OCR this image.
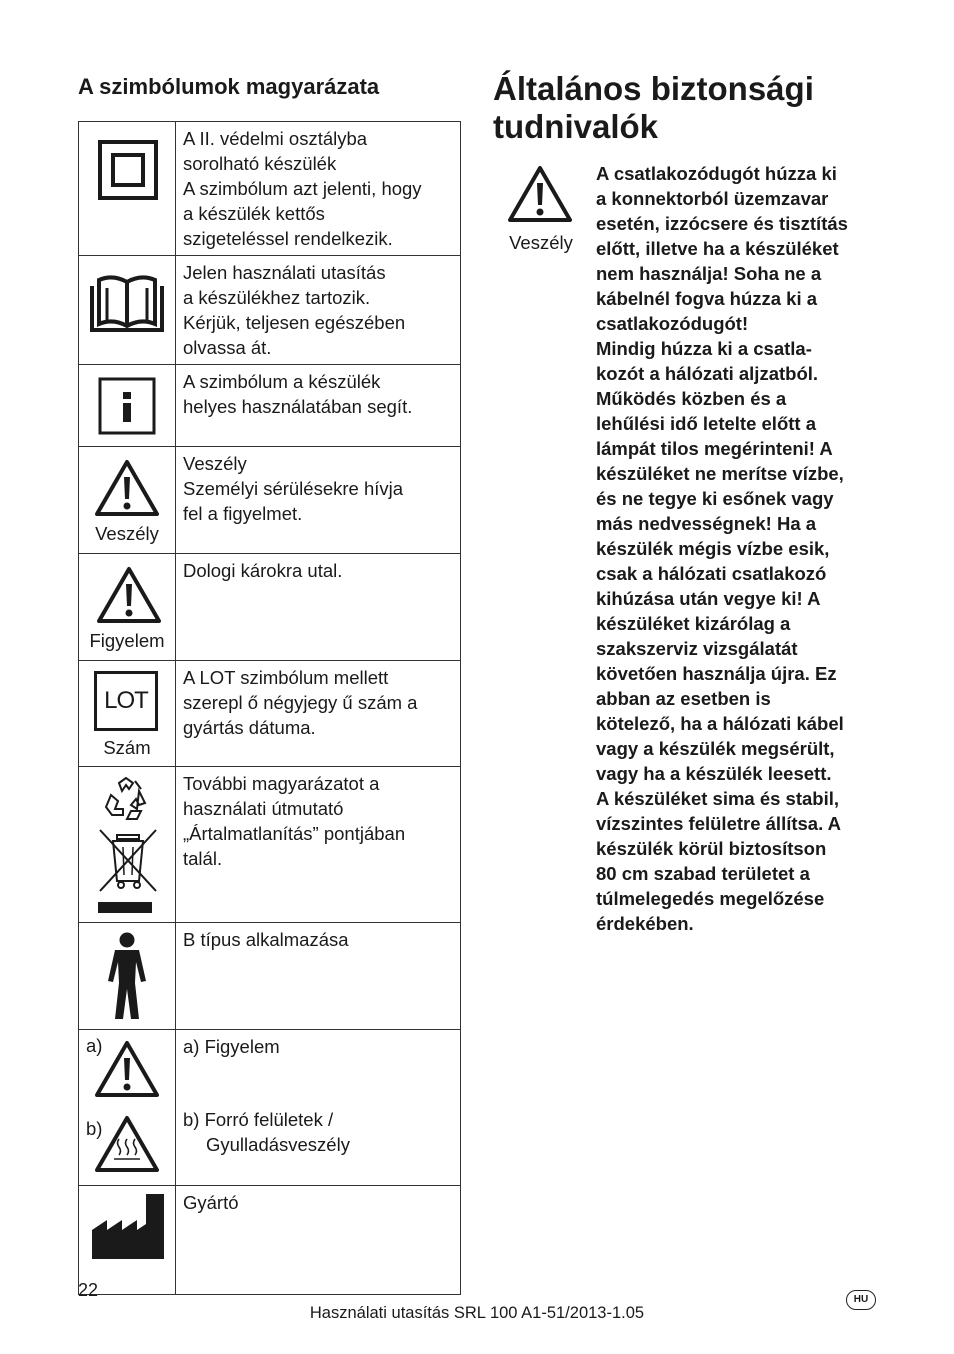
A szimbólumok magyarázata

A II. védelmi osztályba
sorolható készülék
A szimbólum azt jelenti, hogy
a készülék kettős
szigeteléssel rendelkezik.

Jelen használati utasítás
a készülékhez tartozik.
Kérjük, teljesen egészében
olvassa át.

A szimbólum a készülék
helyes használatában segít.

Veszély	Veszély
Személyi sérülésekre hívja
fel a figyelmet.

Figyelem	Dologi károkra utal.

LOT
Szám	A LOT szimbólum mellett
szerepl ő négyjegy ű szám a
gyártás dátuma.

További magyarázatot a
használati útmutató
„Ártalmatlanítás” pontjában
talál.

B típus alkalmazása

a)
b)	a) Figyelem
b) Forró felületek /
Gyulladásveszély

Gyártó
Általános biztonsági
tudnivalók
Veszély
A csatlakozódugót húzza ki
a konnektorból üzemzavar
esetén, izzócsere és tisztítás
előtt, illetve ha a készüléket
nem használja! Soha ne a
kábelnél fogva húzza ki a
csatlakozódugót!
Mindig húzza ki a csatla-
kozót a hálózati aljzatból.
Működés közben és a
lehűlési idő letelte előtt a
lámpát tilos megérinteni! A
készüléket ne merítse vízbe,
és ne tegye ki esőnek vagy
más nedvességnek! Ha a
készülék mégis vízbe esik,
csak a hálózati csatlakozó
kihúzása után vegye ki! A
készüléket kizárólag a
szakszerviz vizsgálatát
követően használja újra. Ez
abban az esetben is
kötelező, ha a hálózati kábel
vagy a készülék megsérült,
vagy ha a készülék leesett.
A készüléket sima és stabil,
vízszintes felületre állítsa. A
készülék körül biztosítson
80 cm szabad területet a
túlmelegedés megelőzése
érdekében.
22
Használati utasítás SRL 100 A1-51/2013-1.05
HU
